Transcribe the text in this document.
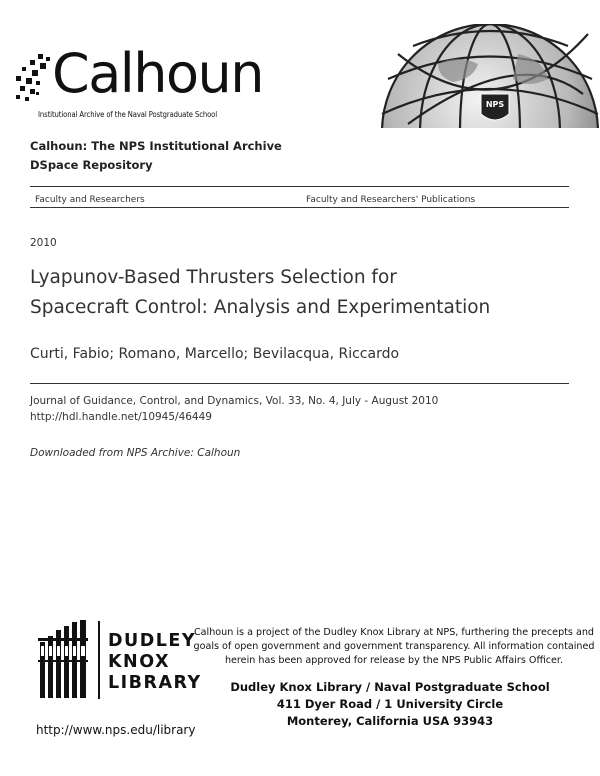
Calhoun
Institutional Archive of the Naval Postgraduate School
NPS
Calhoun: The NPS Institutional Archive
DSpace Repository
Faculty and Researchers	Faculty and Researchers' Publications
2010
Lyapunov-Based Thrusters Selection for
Spacecraft Control: Analysis and Experimentation
Curti, Fabio; Romano, Marcello; Bevilacqua, Riccardo
Journal of Guidance, Control, and Dynamics, Vol. 33, No. 4, July - August 2010
http://hdl.handle.net/10945/46449
Downloaded from NPS Archive: Calhoun
DUDLEY
KNOX
LIBRARY
Calhoun is a project of the Dudley Knox Library at NPS, furthering the precepts and
goals of open government and government transparency. All information contained
herein has been approved for release by the NPS Public Affairs Officer.
Dudley Knox Library / Naval Postgraduate School
411 Dyer Road / 1 University Circle
Monterey, California USA 93943
http://www.nps.edu/library
